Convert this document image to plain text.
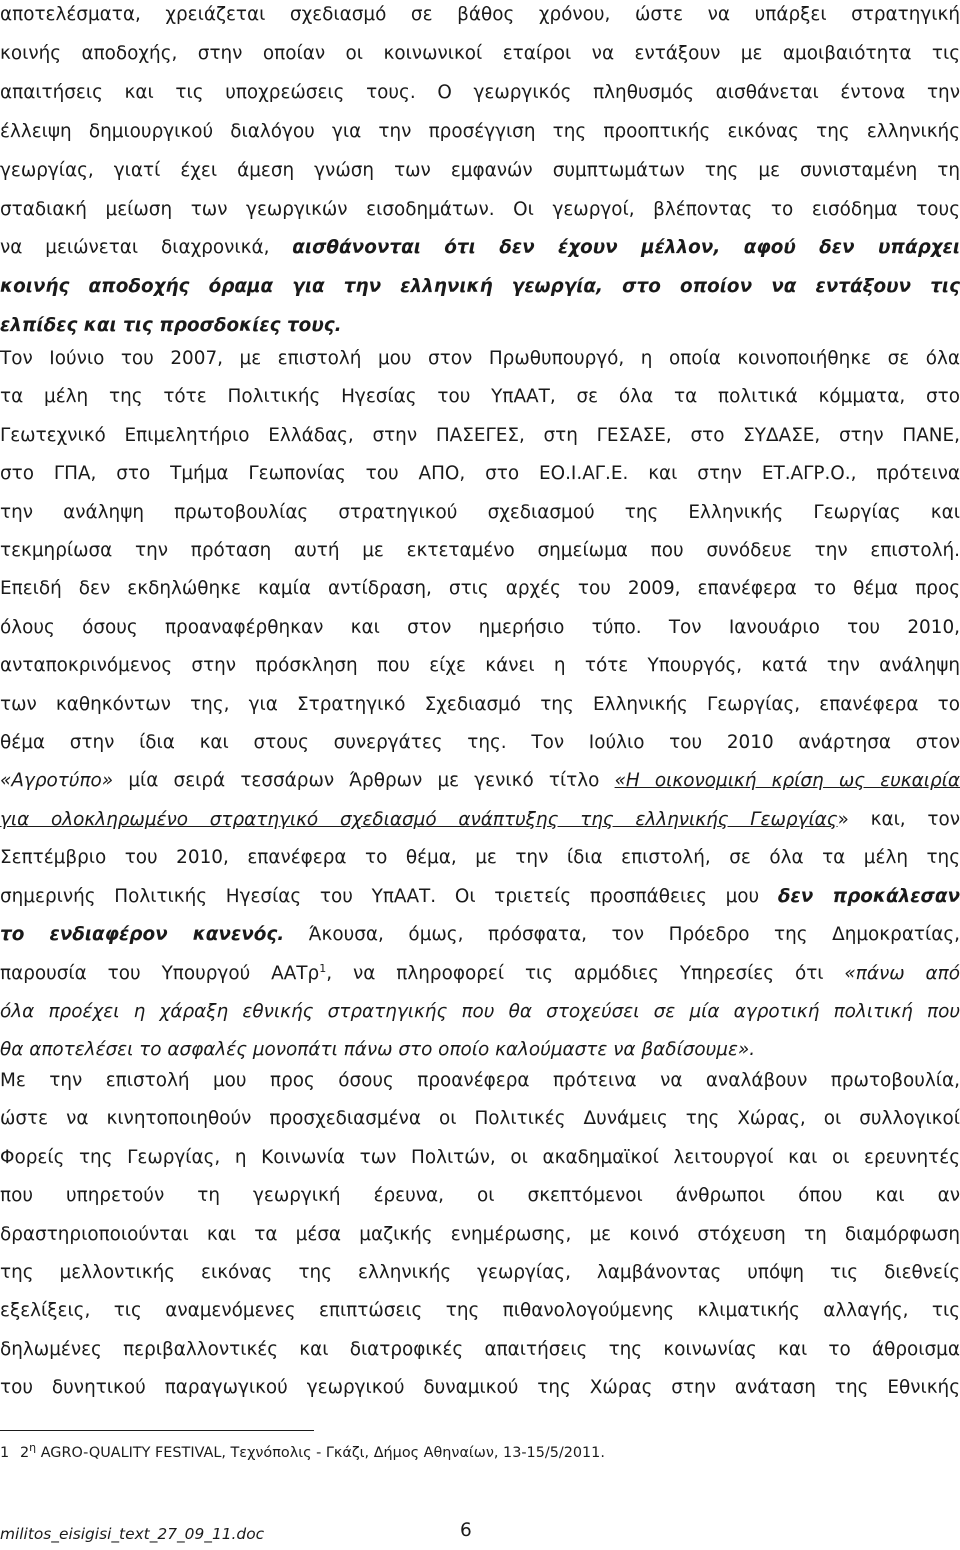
αποτελέσματα, χρειάζεται σχεδιασμό σε βάθος χρόνου, ώστε να υπάρξει στρατηγική
κοινής αποδοχής, στην οποίαν οι κοινωνικοί εταίροι να εντάξουν με αμοιβαιότητα τις
απαιτήσεις και τις υποχρεώσεις τους. Ο γεωργικός πληθυσμός αισθάνεται έντονα την
έλλειψη δημιουργικού διαλόγου για την προσέγγιση της προοπτικής εικόνας της ελληνικής
γεωργίας, γιατί έχει άμεση γνώση των εμφανών συμπτωμάτων της με συνισταμένη τη
σταδιακή μείωση των γεωργικών εισοδημάτων. Οι γεωργοί, βλέποντας το εισόδημα τους
να μειώνεται διαχρονικά, αισθάνονται ότι δεν έχουν μέλλον, αφού δεν υπάρχει
κοινής αποδοχής όραμα για την ελληνική γεωργία, στο οποίον να εντάξουν τις
ελπίδες και τις προσδοκίες τους.
Τον Ιούνιο του 2007, με επιστολή μου στον Πρωθυπουργό, η οποία κοινοποιήθηκε σε όλα
τα μέλη της τότε Πολιτικής Ηγεσίας του ΥπΑΑΤ, σε όλα τα πολιτικά κόμματα, στο
Γεωτεχνικό Επιμελητήριο Ελλάδας, στην ΠΑΣΕΓΕΣ, στη ΓΕΣΑΣΕ, στο ΣΥΔΑΣΕ, στην ΠΑΝΕ,
στο ΓΠΑ, στο Τμήμα Γεωπονίας του ΑΠΟ, στο ΕΟ.Ι.ΑΓ.Ε. και στην ΕΤ.ΑΓΡ.Ο., πρότεινα
την ανάληψη πρωτοβουλίας στρατηγικού σχεδιασμού της Ελληνικής Γεωργίας και
τεκμηρίωσα την πρόταση αυτή με εκτεταμένο σημείωμα που συνόδευε την επιστολή.
Επειδή δεν εκδηλώθηκε καμία αντίδραση, στις αρχές του 2009, επανέφερα το θέμα προς
όλους όσους προαναφέρθηκαν και στον ημερήσιο τύπο. Τον Ιανουάριο του 2010,
ανταποκρινόμενος στην πρόσκληση που είχε κάνει η τότε Υπουργός, κατά την ανάληψη
των καθηκόντων της, για Στρατηγικό Σχεδιασμό της Ελληνικής Γεωργίας, επανέφερα το
θέμα στην ίδια και στους συνεργάτες της. Τον Ιούλιο του 2010 ανάρτησα στον
«Αγροτύπο» μία σειρά τεσσάρων Άρθρων με γενικό τίτλο «Η οικονομική κρίση ως ευκαιρία
για ολοκληρωμένο στρατηγικό σχεδιασμό ανάπτυξης της ελληνικής Γεωργίας» και, τον
Σεπτέμβριο του 2010, επανέφερα το θέμα, με την ίδια επιστολή, σε όλα τα μέλη της
σημερινής Πολιτικής Ηγεσίας του ΥπΑΑΤ. Οι τριετείς προσπάθειες μου δεν προκάλεσαν
το ενδιαφέρον κανενός. Άκουσα, όμως, πρόσφατα, τον Πρόεδρο της Δημοκρατίας,
παρουσία του Υπουργού ΑΑΤρ$^1$, να πληροφορεί τις αρμόδιες Υπηρεσίες ότι «πάνω από
όλα προέχει η χάραξη εθνικής στρατηγικής που θα στοχεύσει σε μία αγροτική πολιτική που
θα αποτελέσει το ασφαλές μονοπάτι πάνω στο οποίο καλούμαστε να βαδίσουμε».
Με την επιστολή μου προς όσους προανέφερα πρότεινα να αναλάβουν πρωτοβουλία,
ώστε να κινητοποιηθούν προσχεδιασμένα οι Πολιτικές Δυνάμεις της Χώρας, οι συλλογικοί
Φορείς της Γεωργίας, η Κοινωνία των Πολιτών, οι ακαδημαϊκοί λειτουργοί και οι ερευνητές
που υπηρετούν τη γεωργική έρευνα, οι σκεπτόμενοι άνθρωποι όπου και αν
δραστηριοποιούνται και τα μέσα μαζικής ενημέρωσης, με κοινό στόχευση τη διαμόρφωση
της μελλοντικής εικόνας της ελληνικής γεωργίας, λαμβάνοντας υπόψη τις διεθνείς
εξελίξεις, τις αναμενόμενες επιπτώσεις της πιθανολογούμενης κλιματικής αλλαγής, τις
δηλωμένες περιβαλλοντικές και διατροφικές απαιτήσεις της κοινωνίας και το άθροισμα
του δυνητικού παραγωγικού γεωργικού δυναμικού της Χώρας στην ανάταση της Εθνικής
1 $2^\eta$ AGRO-QUALITY FESTIVAL, Τεχνόπολις - Γκάζι, Δήμος Αθηναίων, 13-15/5/2011.
militos_eisigisi_text_27_09_11.doc	6
